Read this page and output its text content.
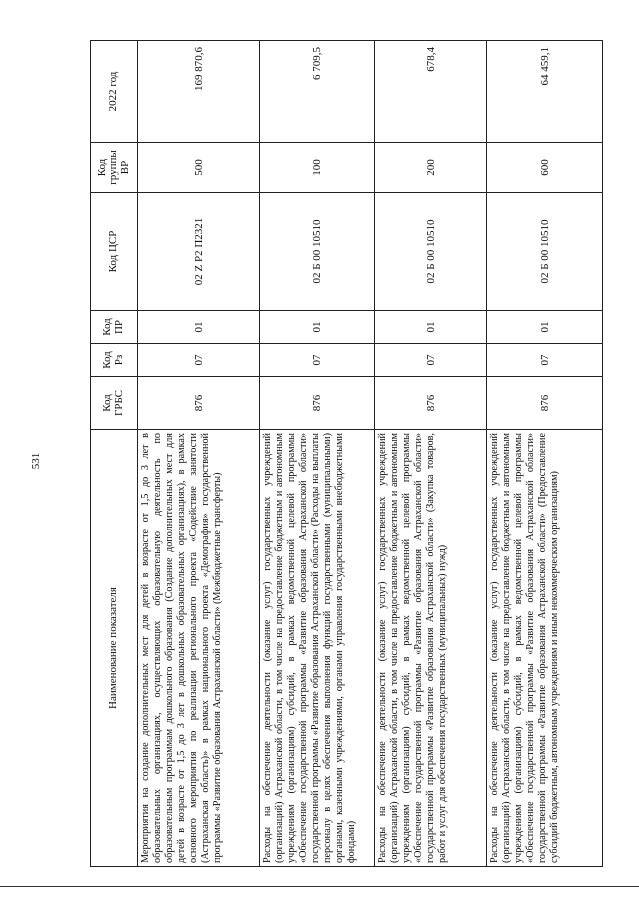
531
Наименование показателя	Код ГРБС	Код Рз	Код ПР	Код ЦСР	Код группы ВР	2022 год
Мероприятия на создание дополнительных мест для детей в возрасте от 1,5 до 3 лет в образовательных организациях, осуществляющих образовательную деятельность по образовательным программам дошкольного образования (Создание дополнительных мест для детей в возрасте от 1,5 до 3 лет в дошкольных образовательных организациях), в рамках основного мероприятия по реализации регионального проекта «Содействие занятости (Астраханская область)» в рамках национального проекта «Демография» государственной программы «Развитие образования Астраханской области» (Межбюджетные трансферты)	876	07	01	02 Z P2 П2321	500	169 870,6
Расходы на обеспечение деятельности (оказание услуг) государственных учреждений (организаций) Астраханской области, в том числе на предоставление бюджетным и автономным учреждениям (организациям) субсидий, в рамках ведомственной целевой программы «Обеспечение государственной программы «Развитие образования Астраханской области» государственной программы «Развитие образования Астраханской области» (Расходы на выплаты персоналу в целях обеспечения выполнения функций государственными (муниципальными) органами, казенными учреждениями, органами управления государственными внебюджетными фондами)	876	07	01	02 Б 00 10510	100	6 709,5
Расходы на обеспечение деятельности (оказание услуг) государственных учреждений (организаций) Астраханской области, в том числе на предоставление бюджетным и автономным учреждениям (организациям) субсидий, в рамках ведомственной целевой программы «Обеспечение государственной программы «Развитие образования Астраханской области» государственной программы «Развитие образования Астраханской области» (Закупка товаров, работ и услуг для обеспечения государственных (муниципальных) нужд)	876	07	01	02 Б 00 10510	200	678,4
Расходы на обеспечение деятельности (оказание услуг) государственных учреждений (организаций) Астраханской области, в том числе на предоставление бюджетным и автономным учреждениям (организациям) субсидий, в рамках ведомственной целевой программы «Обеспечение государственной программы «Развитие образования Астраханской области» государственной программы «Развитие образования Астраханской области» (Предоставление субсидий бюджетным, автономным учреждениям и иным некоммерческим организациям)	876	07	01	02 Б 00 10510	600	64 459,1
